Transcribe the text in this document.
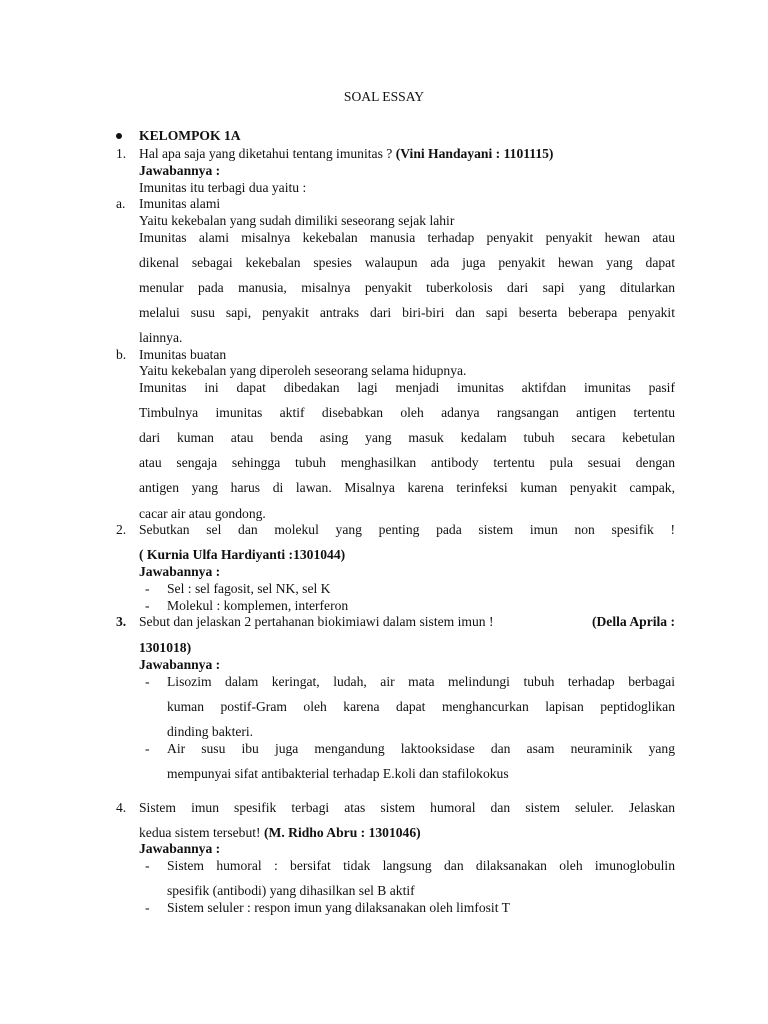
SOAL ESSAY
KELOMPOK 1A
1. Hal apa saja yang diketahui tentang imunitas ? (Vini Handayani : 1101115)
Jawabannya :
Imunitas itu terbagi dua yaitu :
a. Imunitas alami
Yaitu kekebalan yang sudah dimiliki seseorang sejak lahir
Imunitas alami misalnya kekebalan manusia terhadap penyakit penyakit hewan atau
dikenal sebagai kekebalan spesies walaupun ada juga penyakit hewan yang dapat
menular pada manusia, misalnya penyakit tuberkolosis dari sapi yang ditularkan
melalui susu sapi, penyakit antraks dari biri-biri dan sapi beserta beberapa penyakit
lainnya.
b. Imunitas buatan
Yaitu kekebalan yang diperoleh seseorang selama hidupnya.
Imunitas ini dapat dibedakan lagi menjadi imunitas aktifdan imunitas pasif
Timbulnya imunitas aktif disebabkan oleh adanya rangsangan antigen tertentu
dari kuman atau benda asing yang masuk kedalam tubuh secara kebetulan
atau sengaja sehingga tubuh menghasilkan antibody tertentu pula sesuai dengan
antigen yang harus di lawan. Misalnya karena terinfeksi kuman penyakit campak,
cacar air atau gondong.
2. Sebutkan sel dan molekul yang penting pada sistem imun non spesifik !
( Kurnia Ulfa Hardiyanti :1301044)
Jawabannya :
- Sel : sel fagosit, sel NK, sel K
- Molekul : komplemen, interferon
3. Sebut dan jelaskan 2 pertahanan biokimiawi dalam sistem imun !	(Della Aprila :
1301018)
Jawabannya :
- Lisozim dalam keringat, ludah, air mata melindungi tubuh terhadap berbagai
kuman postif-Gram oleh karena dapat menghancurkan lapisan peptidoglikan
dinding bakteri.
- Air susu ibu juga mengandung laktooksidase dan asam neuraminik yang
mempunyai sifat antibakterial terhadap E.koli dan stafilokokus
4. Sistem imun spesifik terbagi atas sistem humoral dan sistem seluler. Jelaskan
kedua sistem tersebut! (M. Ridho Abru : 1301046)
Jawabannya :
- Sistem humoral : bersifat tidak langsung dan dilaksanakan oleh imunoglobulin
spesifik (antibodi) yang dihasilkan sel B aktif
- Sistem seluler : respon imun yang dilaksanakan oleh limfosit T
